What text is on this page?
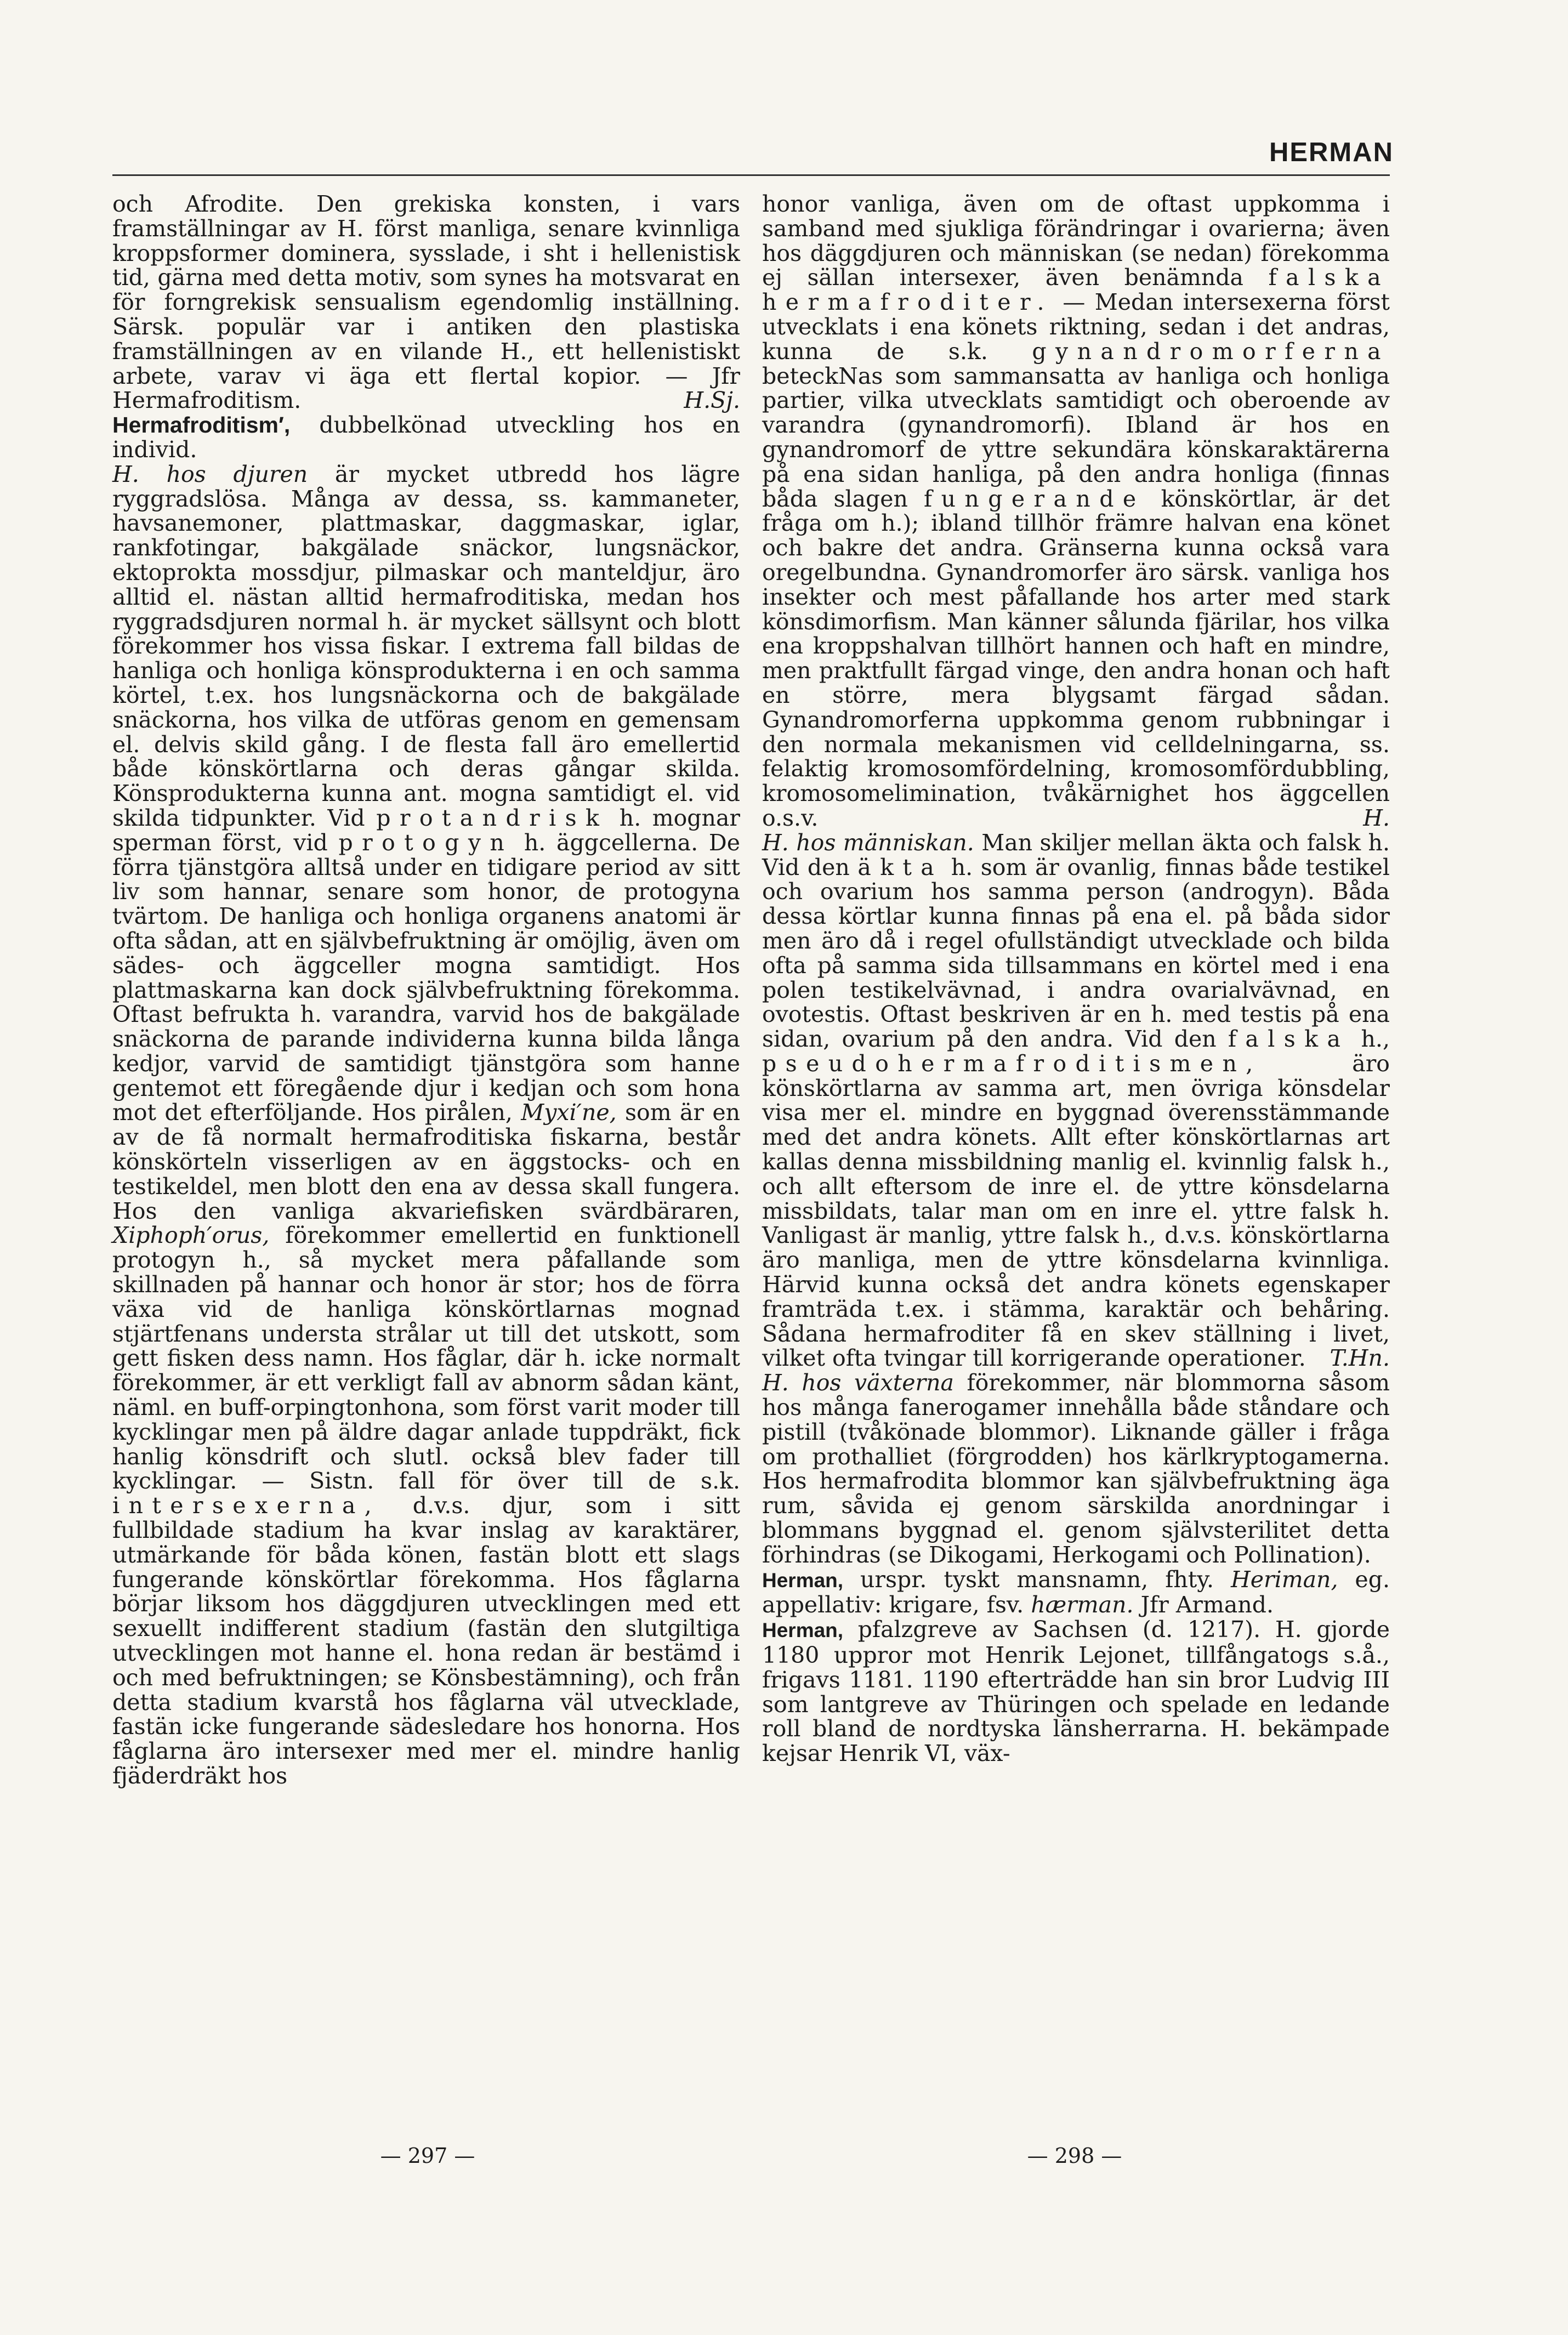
HERMAN

och Afrodite. Den grekiska konsten, i vars framställningar av H. först manliga, senare kvinnliga kroppsformer dominera, sysslade, i sht i hellenistisk tid, gärna med detta motiv, som synes ha motsvarat en för forngrekisk sensualism egendomlig inställning. Särsk. populär var i antiken den plastiska framställningen av en vilande H., ett hellenistiskt arbete, varav vi äga ett flertal kopior. — Jfr Hermafroditism.	H.Sj.

Hermafroditism′, dubbelkönad utveckling hos en individ.

H. hos djuren är mycket utbredd hos lägre ryggradslösa. Många av dessa, ss. kammaneter, havsanemoner, plattmaskar, daggmaskar, iglar, rankfotingar, bakgälade snäckor, lungsnäckor, ektoprokta mossdjur, pilmaskar och manteldjur, äro alltid el. nästan alltid hermafroditiska, medan hos ryggradsdjuren normal h. är mycket sällsynt och blott förekommer hos vissa fiskar. I extrema fall bildas de hanliga och honliga könsprodukterna i en och samma körtel, t.ex. hos lungsnäckorna och de bakgälade snäckorna, hos vilka de utföras genom en gemensam el. delvis skild gång. I de flesta fall äro emellertid både könskörtlarna och deras gångar skilda. Könsprodukterna kunna ant. mogna samtidigt el. vid skilda tidpunkter. Vid protandrisk h. mognar sperman först, vid protogyn h. äggcellerna. De förra tjänstgöra alltså under en tidigare period av sitt liv som hannar, senare som honor, de protogyna tvärtom. De hanliga och honliga organens anatomi är ofta sådan, att en självbefruktning är omöjlig, även om sädes- och äggceller mogna samtidigt. Hos plattmaskarna kan dock självbefruktning förekomma. Oftast befrukta h. varandra, varvid hos de bakgälade snäckorna de parande individerna kunna bilda långa kedjor, varvid de samtidigt tjänstgöra som hanne gentemot ett föregående djur i kedjan och som hona mot det efterföljande. Hos pirålen, Myxi′ne, som är en av de få normalt hermafroditiska fiskarna, består könskörteln visserligen av en äggstocks- och en testikeldel, men blott den ena av dessa skall fungera. Hos den vanliga akvariefisken svärdbäraren, Xiphoph′orus, förekommer emellertid en funktionell protogyn h., så mycket mera påfallande som skillnaden på hannar och honor är stor; hos de förra växa vid de hanliga könskörtlarnas mognad stjärtfenans understa strålar ut till det utskott, som gett fisken dess namn. Hos fåglar, där h. icke normalt förekommer, är ett verkligt fall av abnorm sådan känt, näml. en buff-orpingtonhona, som först varit moder till kycklingar men på äldre dagar anlade tuppdräkt, fick hanlig könsdrift och slutl. också blev fader till kycklingar. — Sistn. fall för över till de s.k. intersexerna, d.v.s. djur, som i sitt fullbildade stadium ha kvar inslag av karaktärer, utmärkande för båda könen, fastän blott ett slags fungerande könskörtlar förekomma. Hos fåglarna börjar liksom hos däggdjuren utvecklingen med ett sexuellt indifferent stadium (fastän den slutgiltiga utvecklingen mot hanne el. hona redan är bestämd i och med befruktningen; se Könsbestämning), och från detta stadium kvarstå hos fåglarna väl utvecklade, fastän icke fungerande sädesledare hos honorna. Hos fåglarna äro intersexer med mer el. mindre hanlig fjäderdräkt hos

honor vanliga, även om de oftast uppkomma i samband med sjukliga förändringar i ovarierna; även hos däggdjuren och människan (se nedan) förekomma ej sällan intersexer, även benämnda falska hermafroditer. — Medan intersexerna först utvecklats i ena könets riktning, sedan i det andras, kunna de s.k. gynandromorferna beteckNas som sammansatta av hanliga och honliga partier, vilka utvecklats samtidigt och oberoende av varandra (gynandromorfi). Ibland är hos en gynandromorf de yttre sekundära könskaraktärerna på ena sidan hanliga, på den andra honliga (finnas båda slagen fungerande könskörtlar, är det fråga om h.); ibland tillhör främre halvan ena könet och bakre det andra. Gränserna kunna också vara oregelbundna. Gynandromorfer äro särsk. vanliga hos insekter och mest påfallande hos arter med stark könsdimorfism. Man känner sålunda fjärilar, hos vilka ena kroppshalvan tillhört hannen och haft en mindre, men praktfullt färgad vinge, den andra honan och haft en större, mera blygsamt färgad sådan. Gynandromorferna uppkomma genom rubbningar i den normala mekanismen vid celldelningarna, ss. felaktig kromosomfördelning, kromosomfördubbling, kromosomelimination, tvåkärnighet hos äggcellen o.s.v.	H.

H. hos människan. Man skiljer mellan äkta och falsk h. Vid den äkta h. som är ovanlig, finnas både testikel och ovarium hos samma person (androgyn). Båda dessa körtlar kunna finnas på ena el. på båda sidor men äro då i regel ofullständigt utvecklade och bilda ofta på samma sida tillsammans en körtel med i ena polen testikelvävnad, i andra ovarialvävnad, en ovotestis. Oftast beskriven är en h. med testis på ena sidan, ovarium på den andra. Vid den falska h., pseudohermafroditismen, äro könskörtlarna av samma art, men övriga könsdelar visa mer el. mindre en byggnad överensstämmande med det andra könets. Allt efter könskörtlarnas art kallas denna missbildning manlig el. kvinnlig falsk h., och allt eftersom de inre el. de yttre könsdelarna missbildats, talar man om en inre el. yttre falsk h. Vanligast är manlig, yttre falsk h., d.v.s. könskörtlarna äro manliga, men de yttre könsdelarna kvinnliga. Härvid kunna också det andra könets egenskaper framträda t.ex. i stämma, karaktär och behåring. Sådana hermafroditer få en skev ställning i livet, vilket ofta tvingar till korrigerande operationer. T.Hn.

H. hos växterna förekommer, när blommorna såsom hos många fanerogamer innehålla både ståndare och pistill (tvåkönade blommor). Liknande gäller i fråga om prothalliet (förgrodden) hos kärlkryptogamerna. Hos hermafrodita blommor kan självbefruktning äga rum, såvida ej genom särskilda anordningar i blommans byggnad el. genom självsterilitet detta förhindras (se Dikogami, Herkogami och Pollination).

Herman, urspr. tyskt mansnamn, fhty. Heriman, eg. appellativ: krigare, fsv. hærman. Jfr Armand.

Herman, pfalzgreve av Sachsen (d. 1217). H. gjorde 1180 uppror mot Henrik Lejonet, tillfångatogs s.å., frigavs 1181. 1190 efterträdde han sin bror Ludvig III som lantgreve av Thüringen och spelade en ledande roll bland de nordtyska länsherrarna. H. bekämpade kejsar Henrik VI, väx-

— 297 —	— 298 —
